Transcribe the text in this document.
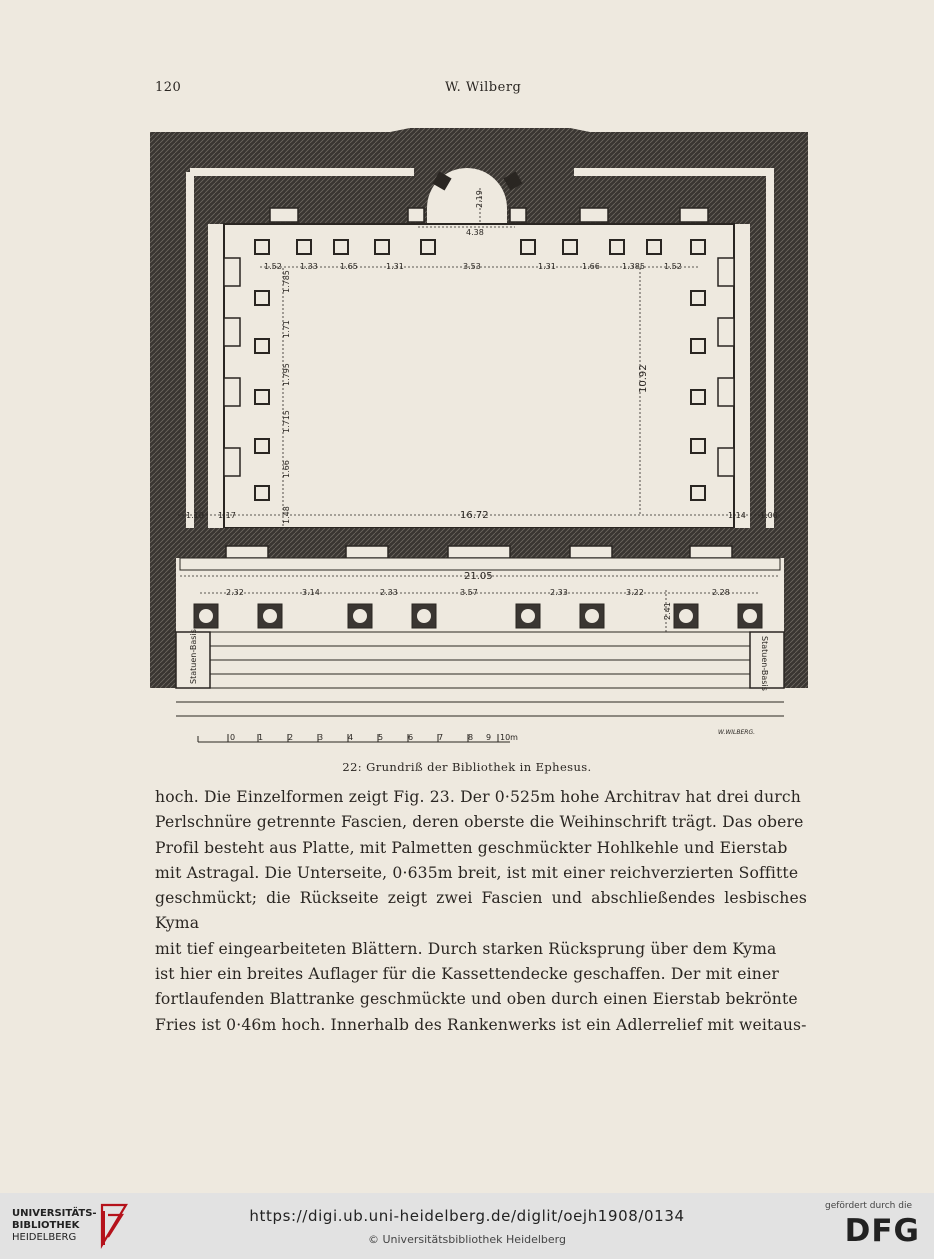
120	W. Wilberg
4.38
2.19
1.52 1.33	1.65	1.31	3.53	1.31	1.66	1.385 1.52
1.785
1.71
1.795
1.715
1.66
1.48
10.92
16.72
1.10 1.17	1.14 1.00
21.05
2.32	3.14	2.33	3.57	2.33	3.22	2.28
2.41
Statuen-Basis	Statuen-Basis
W.WILBERG.
0	1	2	3	4	5	6	7	8 9 10m
22: Grundriß der Bibliothek in Ephesus.
hoch. Die Einzelformen zeigt Fig. 23. Der 0·525m hohe Architrav hat drei durch
Perlschnüre getrennte Fascien, deren oberste die Weihinschrift trägt. Das obere
Profil besteht aus Platte, mit Palmetten geschmückter Hohlkehle und Eierstab
mit Astragal. Die Unterseite, 0·635m breit, ist mit einer reichverzierten Soffitte
geschmückt; die Rückseite zeigt zwei Fascien und abschließendes lesbisches Kyma
mit tief eingearbeiteten Blättern. Durch starken Rücksprung über dem Kyma
ist hier ein breites Auflager für die Kassettendecke geschaffen. Der mit einer
fortlaufenden Blattranke geschmückte und oben durch einen Eierstab bekrönte
Fries ist 0·46m hoch. Innerhalb des Rankenwerks ist ein Adlerrelief mit weitaus-
UNIVERSITÄTS-
BIBLIOTHEK
HEIDELBERG
https://digi.ub.uni-heidelberg.de/diglit/oejh1908/0134
© Universitätsbibliothek Heidelberg
gefördert durch die
DFG
